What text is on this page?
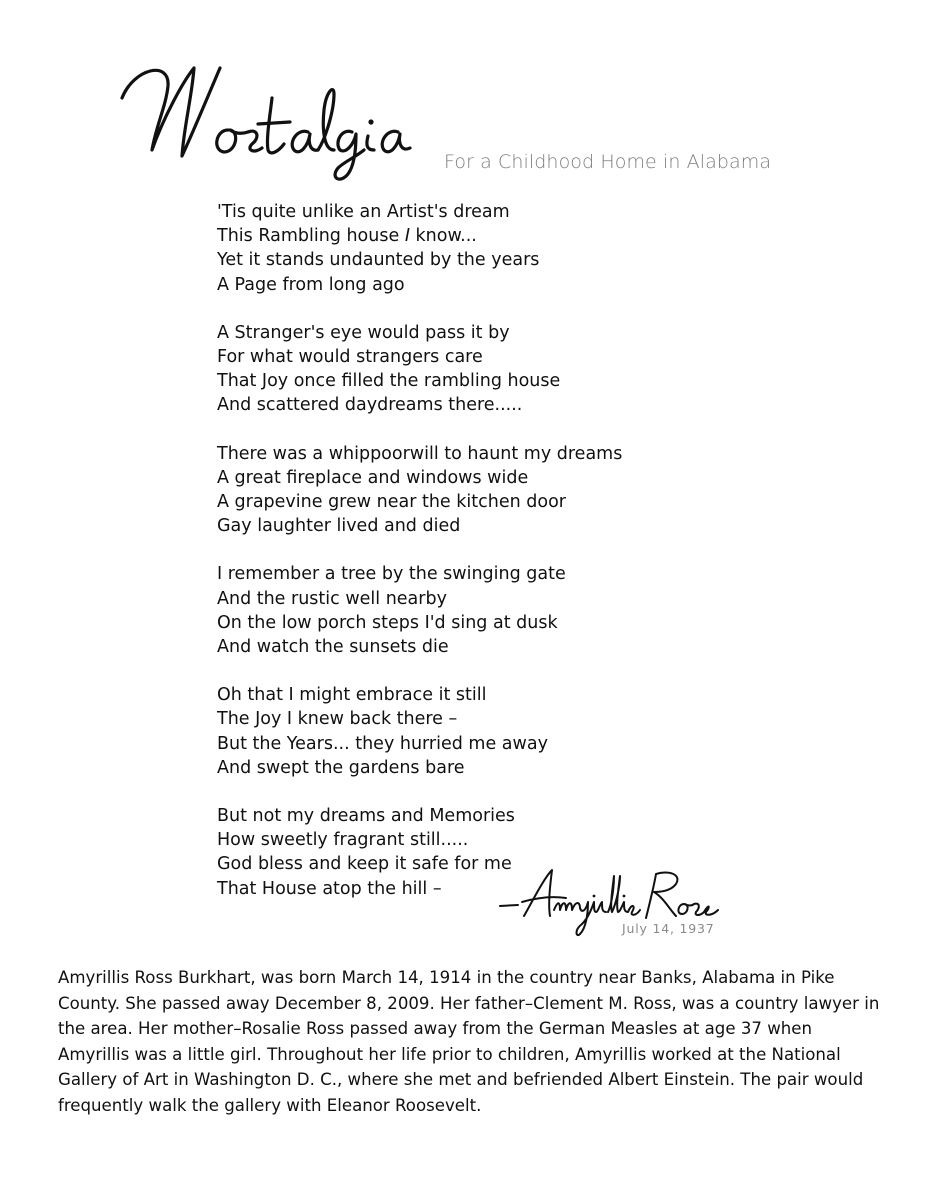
For a Childhood Home in Alabama
'Tis quite unlike an Artist's dream
This Rambling house I know...
Yet it stands undaunted by the years
A Page from long ago
A Stranger's eye would pass it by
For what would strangers care
That Joy once filled the rambling house
And scattered daydreams there.....
There was a whippoorwill to haunt my dreams
A great fireplace and windows wide
A grapevine grew near the kitchen door
Gay laughter lived and died
I remember a tree by the swinging gate
And the rustic well nearby
On the low porch steps I'd sing at dusk
And watch the sunsets die
Oh that I might embrace it still
The Joy I knew back there –
But the Years... they hurried me away
And swept the gardens bare
But not my dreams and Memories
How sweetly fragrant still.....
God bless and keep it safe for me
That House atop the hill –
July 14, 1937

Amyrillis Ross Burkhart, was born March 14, 1914 in the country near Banks, Alabama in Pike County. She passed away December 8, 2009. Her father–Clement M. Ross, was a country lawyer in the area. Her mother–Rosalie Ross passed away from the German Measles at age 37 when Amyrillis was a little girl. Throughout her life prior to children, Amyrillis worked at the National Gallery of Art in Washington D. C., where she met and befriended Albert Einstein. The pair would frequently walk the gallery with Eleanor Roosevelt.
